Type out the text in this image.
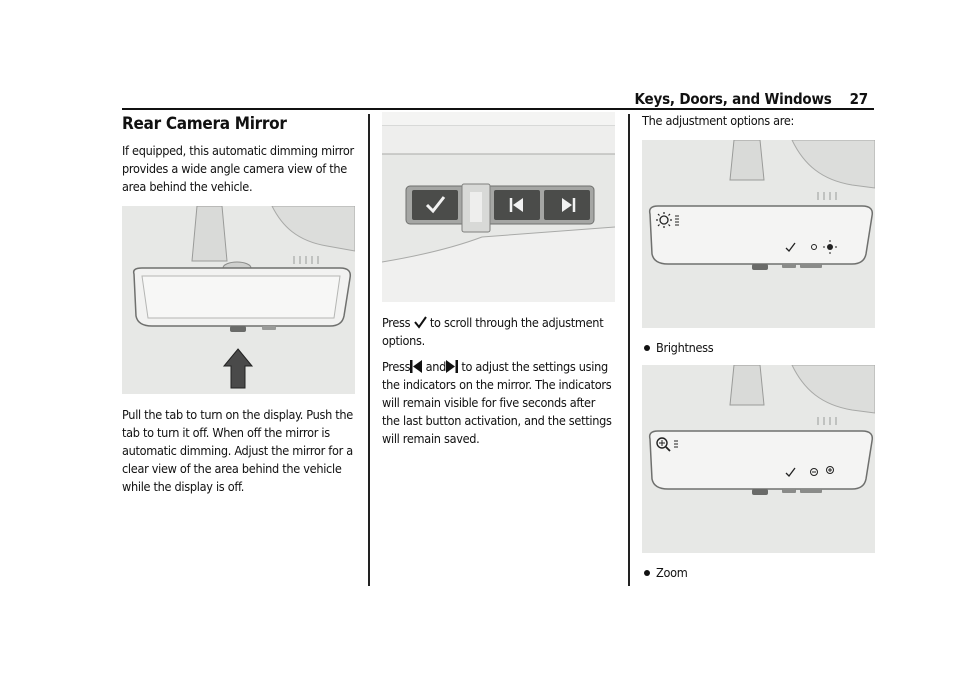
Keys, Doors, and Windows 27
Rear Camera Mirror

If equipped, this automatic dimming mirror provides a wide angle camera view of the area behind the vehicle.

Pull the tab to turn on the display. Push the tab to turn it off. When off the mirror is automatic dimming. Adjust the mirror for a clear view of the area behind the vehicle while the display is off.

Press to scroll through the adjustment options.

Press and to adjust the settings using the indicators on the mirror. The indicators will remain visible for five seconds after the last button activation, and the settings will remain saved.

The adjustment options are:

Brightness
Zoom
